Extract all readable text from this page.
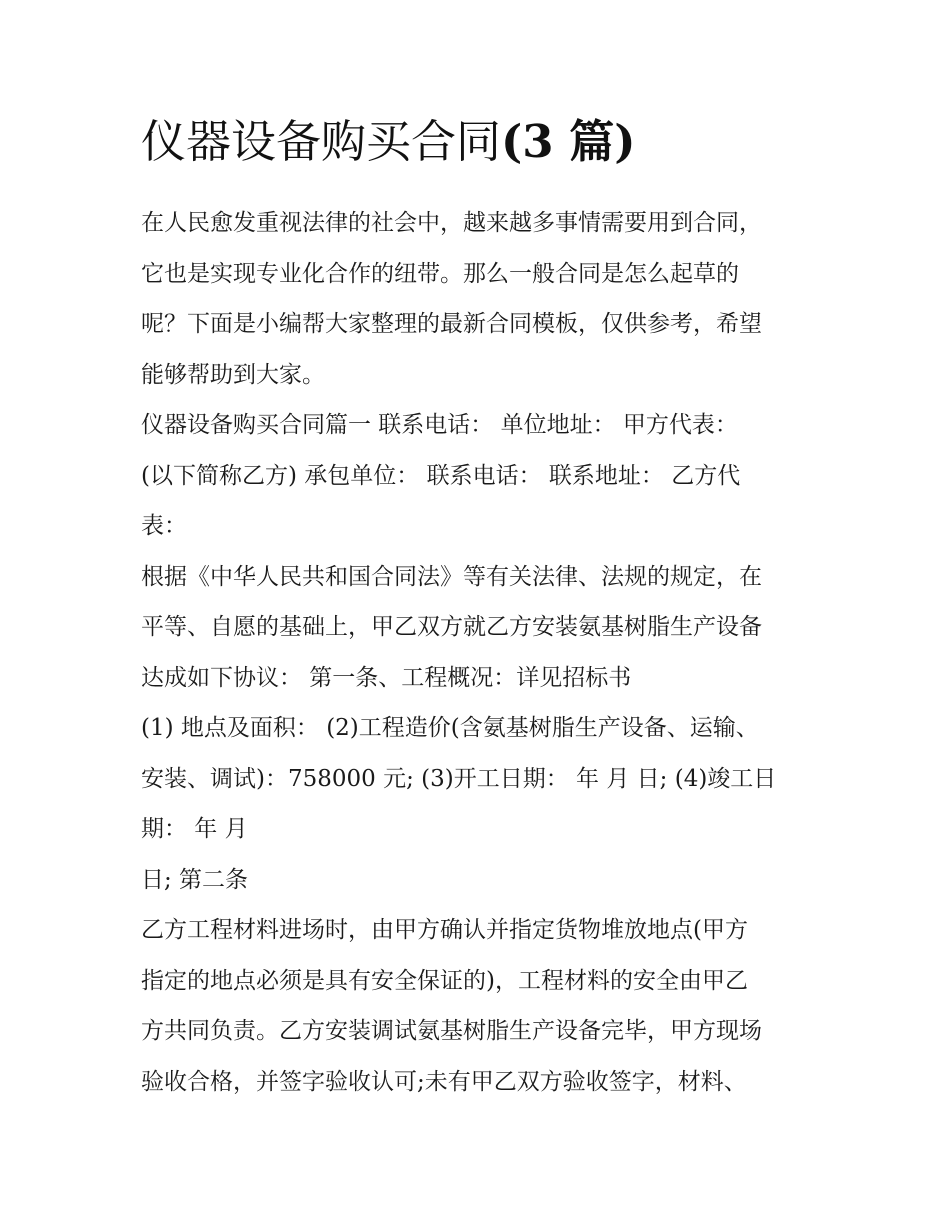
仪器设备购买合同(3 篇)
在人民愈发重视法律的社会中，越来越多事情需要用到合同，
它也是实现专业化合作的纽带。那么一般合同是怎么起草的
呢？下面是小编帮大家整理的最新合同模板，仅供参考，希望
能够帮助到大家。
仪器设备购买合同篇一 联系电话： 单位地址： 甲方代表：
(以下简称乙方) 承包单位： 联系电话： 联系地址： 乙方代
表：
根据《中华人民共和国合同法》等有关法律、法规的规定，在
平等、自愿的基础上，甲乙双方就乙方安装氨基树脂生产设备
达成如下协议： 第一条、工程概况：详见招标书
(1) 地点及面积： (2)工程造价(含氨基树脂生产设备、运输、
安装、调试)：758000 元; (3)开工日期： 年 月 日; (4)竣工日
期： 年 月
日; 第二条
乙方工程材料进场时，由甲方确认并指定货物堆放地点(甲方
指定的地点必须是具有安全保证的)，工程材料的安全由甲乙
方共同负责。乙方安装调试氨基树脂生产设备完毕，甲方现场
验收合格，并签字验收认可;未有甲乙双方验收签字，材料、
